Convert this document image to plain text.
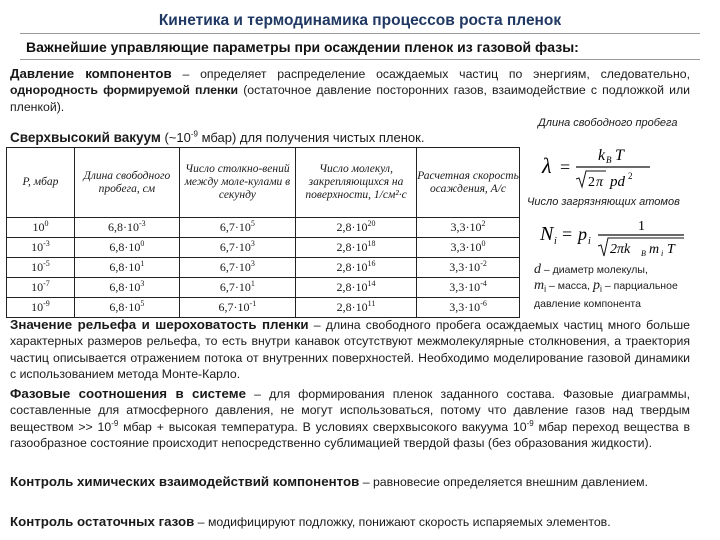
Кинетика и термодинамика процессов роста пленок
Важнейшие управляющие параметры при осаждении пленок из газовой фазы:
Давление компонентов – определяет распределение осаждаемых частиц по энергиям, следовательно, однородность формируемой пленки (остаточное давление посторонних газов, взаимодействие с подложкой или пленкой).
Сверхвысокий вакуум ($\sim 10^{-9}$ мбар) для получения чистых пленок.
P, мбар	Длина свободного пробега, см	Число столкно-вений между моле-кулами в секунду	Число молекул, закрепляющихся на поверхности, 1/см²·с	Расчетная скорость осаждения, А/с
$10^0$	$6,8\cdot 10^{-3}$	$6,7\cdot 10^5$	$2,8\cdot 10^{20}$	$3,3\cdot 10^2$
$10^{-3}$	$6,8\cdot 10^0$	$6,7\cdot 10^3$	$2,8\cdot 10^{18}$	$3,3\cdot 10^0$
$10^{-5}$	$6,8\cdot 10^1$	$6,7\cdot 10^3$	$2,8\cdot 10^{16}$	$3,3\cdot 10^{-2}$
$10^{-7}$	$6,8\cdot 10^3$	$6,7\cdot 10^1$	$2,8\cdot 10^{14}$	$3,3\cdot 10^{-4}$
$10^{-9}$	$6,8\cdot 10^5$	$6,7\cdot 10^{-1}$	$2,8\cdot 10^{11}$	$3,3\cdot 10^{-6}$
Длина свободного пробега
λ =
k B T
2 π pd 2
Число загрязняющих атомов
N i = p i
1
2πk B m i T
d – диаметр молекулы,
$m_i$ – масса, $p_i$ – парциальное давление компонента
Значение рельефа и шероховатость пленки – длина свободного пробега осаждаемых частиц много больше характерных размеров рельефа, то есть внутри канавок отсутствуют межмолекулярные столкновения, а траектория частиц описывается отражением потока от внутренних поверхностей. Необходимо моделирование газовой динамики с использованием метода Монте-Карло.
Фазовые соотношения в системе – для формирования пленок заданного состава. Фазовые диаграммы, составленные для атмосферного давления, не могут использоваться, потому что давление газов над твердым веществом >> $10^{-9}$ мбар + высокая температура. В условиях сверхвысокого вакуума $10^{-9}$ мбар переход вещества в газообразное состояние происходит непосредственно сублимацией твердой фазы (без образования жидкости).
Контроль химических взаимодействий компонентов – равновесие определяется внешним давлением.
Контроль остаточных газов – модифицируют подложку, понижают скорость испаряемых элементов.
